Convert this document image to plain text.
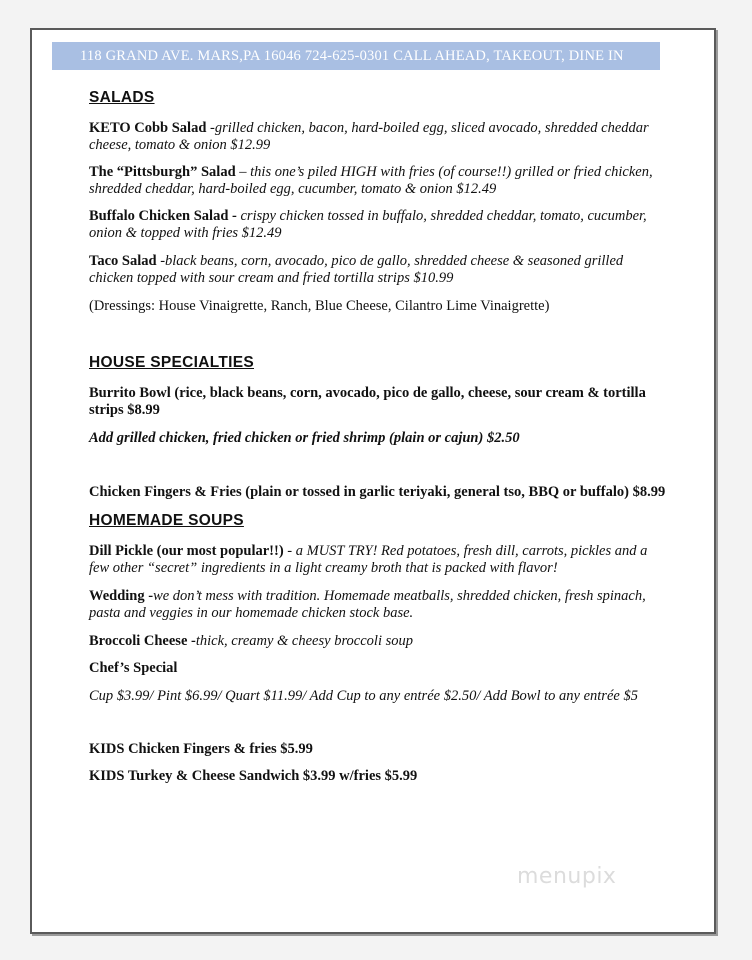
118 GRAND AVE. MARS,PA 16046 724-625-0301 CALL AHEAD, TAKEOUT, DINE IN
SALADS
KETO Cobb Salad -grilled chicken, bacon, hard-boiled egg, sliced avocado, shredded cheddar cheese, tomato & onion $12.99
The “Pittsburgh” Salad – this one’s piled HIGH with fries (of course!!) grilled or fried chicken, shredded cheddar, hard-boiled egg, cucumber, tomato & onion $12.49
Buffalo Chicken Salad - crispy chicken tossed in buffalo, shredded cheddar, tomato, cucumber, onion & topped with fries $12.49
Taco Salad -black beans, corn, avocado, pico de gallo, shredded cheese & seasoned grilled chicken topped with sour cream and fried tortilla strips $10.99
(Dressings: House Vinaigrette, Ranch, Blue Cheese, Cilantro Lime Vinaigrette)
HOUSE SPECIALTIES
Burrito Bowl (rice, black beans, corn, avocado, pico de gallo, cheese, sour cream & tortilla strips $8.99
Add grilled chicken, fried chicken or fried shrimp (plain or cajun) $2.50
Chicken Fingers & Fries (plain or tossed in garlic teriyaki, general tso, BBQ or buffalo) $8.99
HOMEMADE SOUPS
Dill Pickle (our most popular!!) - a MUST TRY! Red potatoes, fresh dill, carrots, pickles and a few other “secret” ingredients in a light creamy broth that is packed with flavor!
Wedding -we don’t mess with tradition. Homemade meatballs, shredded chicken, fresh spinach, pasta and veggies in our homemade chicken stock base.
Broccoli Cheese -thick, creamy & cheesy broccoli soup
Chef’s Special
Cup $3.99/ Pint $6.99/ Quart $11.99/ Add Cup to any entrée $2.50/ Add Bowl to any entrée $5
KIDS Chicken Fingers & fries $5.99
KIDS Turkey & Cheese Sandwich $3.99 w/fries $5.99
menupix
